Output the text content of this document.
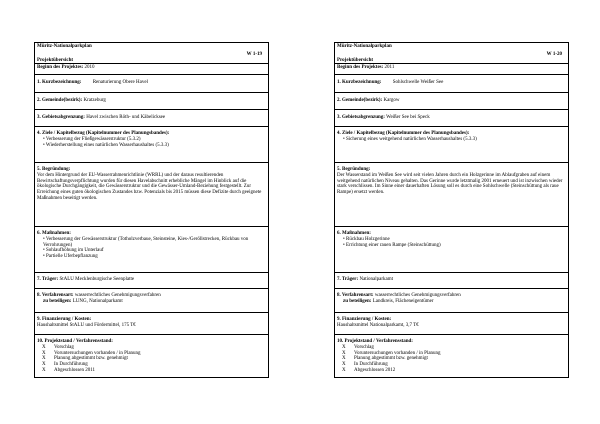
Müritz-Nationalparkplan
W 1-19
Projektübersicht
Beginn des Projektes: 2010
1. Kurzbezeichnung: Renaturierung Obere Havel
2. Gemeinde(bezirk): Kratzeburg
3. Gebietsabgrenzung: Havel zwischen Röth- und Käbelicksee
4. Ziele / Kapitelbezug (Kapitelnummer des Planungsbandes):
• Verbesserung der Fließgewässerstruktur (5.3.2)
• Wiederherstellung eines natürlichen Wasserhaushaltes (5.3.3)
5. Begründung:
Vor dem Hintergrund der EU-Wasserrahmenrichtlinie (WRRL) und der daraus resultierenden Bewirtschaftungsverpflichtung wurden für diesen Havelabschnitt erhebliche Mängel im Hinblick auf die ökologische Durchgängigkeit, die Gewässerstruktur und die Gewässer-Umland-Beziehung festgestellt. Zur Erreichung eines guten ökologischen Zustandes bzw. Potenzials bis 2015 müssen diese Defizite durch geeignete Maßnahmen beseitigt werden.
6. Maßnahmen:
• Verbesserung der Gewässerstruktur (Totholzverbaue, Steinsteine, Kies-/Geröllstrecken, Rückbau von Verrohrungen)
• Sohlaufhöhung im Unterlauf
• Partielle Uferbepflanzung
7. Träger: StALU Mecklenburgische Seenplatte
8. Verfahrensart: wasserrechtliches Genehmigungsverfahren
zu beteiligen: LUNG, Nationalparkamt
9. Finanzierung / Kosten:
Haushaltsmittel StALU und Fördermittel, 175 T€
10. Projektstand / Verfahrensstand:
X Vorschlag
X Voruntersuchungen vorhanden / in Planung
X Planung abgestimmt bzw. genehmigt
X In Durchführung
X Abgeschlossen 2011
Müritz-Nationalparkplan
W 1-20
Projektübersicht
Beginn des Projektes: 2011
1. Kurzbezeichnung: Sohlschwelle Weißer See
2. Gemeinde(bezirk): Kargow
3. Gebietsabgrenzung: Weißer See bei Speck
4. Ziele / Kapitelbezug (Kapitelnummer des Planungsbandes):
• Sicherung eines weitgehend natürlichen Wasserhaushaltes (5.3.3)
5. Begründung:
Der Wasserstand im Weißen See wird seit vielen Jahren durch ein Holzgerinne im Ablaufgraben auf einem weitgehend natürlichen Niveau gehalten. Das Gerinne wurde letztmalig 2001 erneuert und ist inzwischen wieder stark verschlissen. Im Sinne einer dauerhaften Lösung soll es durch eine Sohlschwelle (Steinschüttung als raue Rampe) ersetzt werden.
6. Maßnahmen:
• Rückbau Holzgerinne
• Errichtung einer rauen Rampe (Steinschüttung)
7. Träger: Nationalparkamt
8. Verfahrensart: wasserrechtliches Genehmigungsverfahren
zu beteiligen: Landkreis, Flächeneigentümer
9. Finanzierung / Kosten:
Haushaltsmittel Nationalparkamt, 3,7 T€
10. Projektstand / Verfahrensstand:
X Vorschlag
X Voruntersuchungen vorhanden / in Planung
X Planung abgestimmt bzw. genehmigt
X In Durchführung
X Abgeschlossen 2012
